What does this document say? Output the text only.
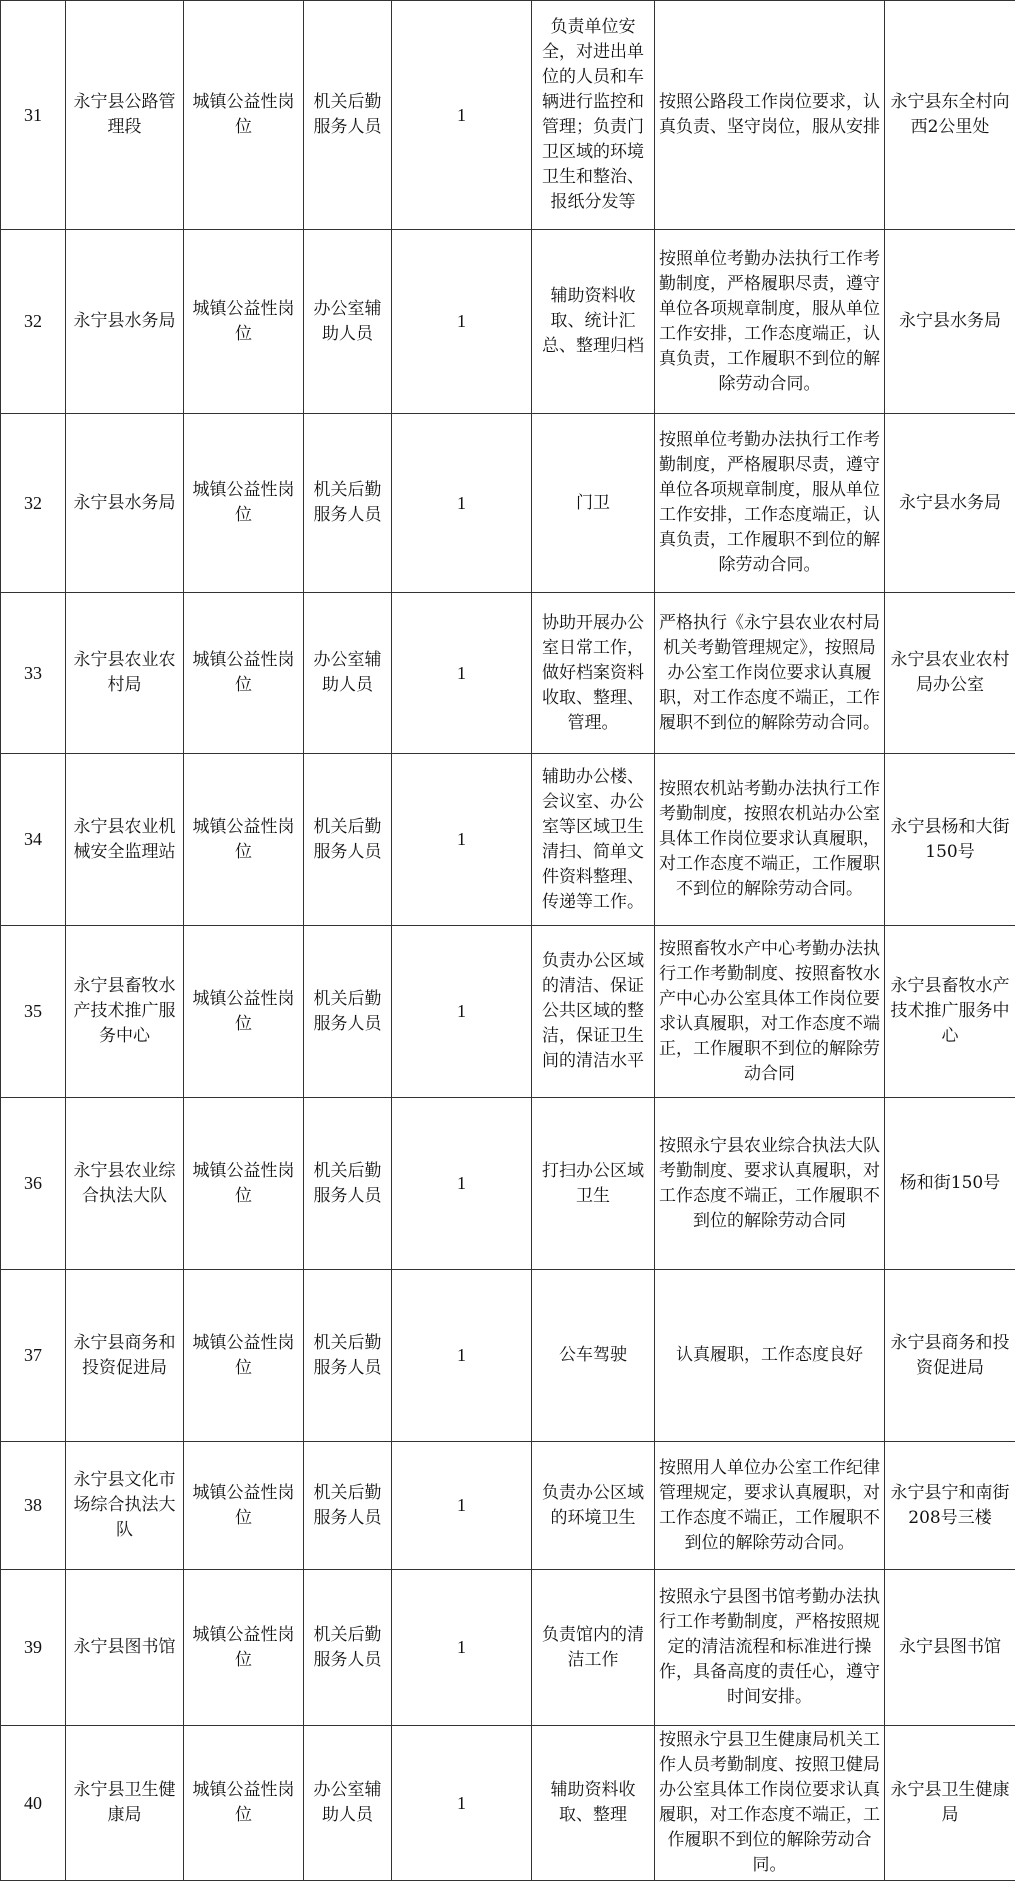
31	永宁县公路管理段	城镇公益性岗位	机关后勤服务人员	1	负责单位安全，对进出单位的人员和车辆进行监控和管理；负责门卫区域的环境卫生和整治、报纸分发等	按照公路段工作岗位要求，认真负责、坚守岗位，服从安排	永宁县东全村向西2公里处
32	永宁县水务局	城镇公益性岗位	办公室辅助人员	1	辅助资料收取、统计汇总、整理归档	按照单位考勤办法执行工作考勤制度，严格履职尽责，遵守单位各项规章制度，服从单位工作安排，工作态度端正，认真负责，工作履职不到位的解除劳动合同。	永宁县水务局
32	永宁县水务局	城镇公益性岗位	机关后勤服务人员	1	门卫	按照单位考勤办法执行工作考勤制度，严格履职尽责，遵守单位各项规章制度，服从单位工作安排，工作态度端正，认真负责，工作履职不到位的解除劳动合同。	永宁县水务局
33	永宁县农业农村局	城镇公益性岗位	办公室辅助人员	1	协助开展办公室日常工作，做好档案资料收取、整理、管理。	严格执行《永宁县农业农村局机关考勤管理规定》，按照局办公室工作岗位要求认真履职，对工作态度不端正，工作履职不到位的解除劳动合同。	永宁县农业农村局办公室
34	永宁县农业机械安全监理站	城镇公益性岗位	机关后勤服务人员	1	辅助办公楼、会议室、办公室等区域卫生清扫、简单文件资料整理、传递等工作。	按照农机站考勤办法执行工作考勤制度，按照农机站办公室具体工作岗位要求认真履职，对工作态度不端正，工作履职不到位的解除劳动合同。	永宁县杨和大街150号
35	永宁县畜牧水产技术推广服务中心	城镇公益性岗位	机关后勤服务人员	1	负责办公区域的清洁、保证公共区域的整洁，保证卫生间的清洁水平	按照畜牧水产中心考勤办法执行工作考勤制度、按照畜牧水产中心办公室具体工作岗位要求认真履职，对工作态度不端正，工作履职不到位的解除劳动合同	永宁县畜牧水产技术推广服务中心
36	永宁县农业综合执法大队	城镇公益性岗位	机关后勤服务人员	1	打扫办公区域卫生	按照永宁县农业综合执法大队考勤制度、要求认真履职，对工作态度不端正，工作履职不到位的解除劳动合同	杨和街150号
37	永宁县商务和投资促进局	城镇公益性岗位	机关后勤服务人员	1	公车驾驶	认真履职，工作态度良好	永宁县商务和投资促进局
38	永宁县文化市场综合执法大队	城镇公益性岗位	机关后勤服务人员	1	负责办公区域的环境卫生	按照用人单位办公室工作纪律管理规定，要求认真履职，对工作态度不端正，工作履职不到位的解除劳动合同。	永宁县宁和南街208号三楼
39	永宁县图书馆	城镇公益性岗位	机关后勤服务人员	1	负责馆内的清洁工作	按照永宁县图书馆考勤办法执行工作考勤制度，严格按照规定的清洁流程和标准进行操作，具备高度的责任心，遵守时间安排。	永宁县图书馆
40	永宁县卫生健康局	城镇公益性岗位	办公室辅助人员	1	辅助资料收取、整理	按照永宁县卫生健康局机关工作人员考勤制度、按照卫健局办公室具体工作岗位要求认真履职，对工作态度不端正，工作履职不到位的解除劳动合同。	永宁县卫生健康局
